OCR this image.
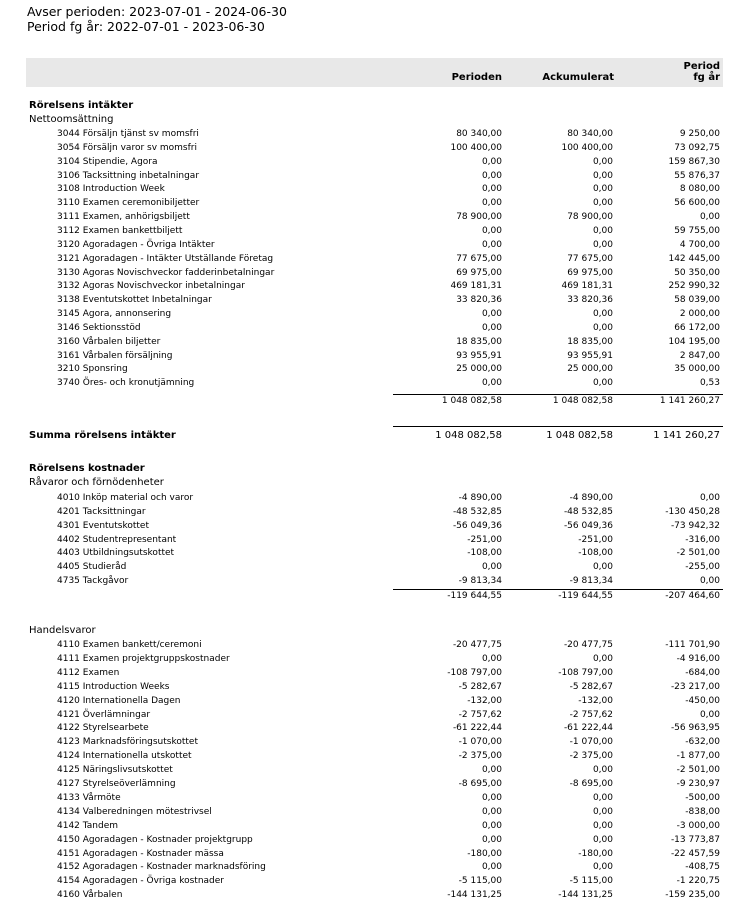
Avser perioden: 2023-07-01 - 2024-06-30
Period fg år: 2022-07-01 - 2023-06-30
Perioden	Ackumulerat
Period
fg år
Rörelsens intäkter
Nettoomsättning
3044 Försäljn tjänst sv momsfri	80 340,00	80 340,00	9 250,00
3054 Försäljn varor sv momsfri	100 400,00	100 400,00	73 092,75
3104 Stipendie, Agora	0,00	0,00	159 867,30
3106 Tacksittning inbetalningar	0,00	0,00	55 876,37
3108 Introduction Week	0,00	0,00	8 080,00
3110 Examen ceremonibiljetter	0,00	0,00	56 600,00
3111 Examen, anhörigsbiljett	78 900,00	78 900,00	0,00
3112 Examen bankettbiljett	0,00	0,00	59 755,00
3120 Agoradagen - Övriga Intäkter	0,00	0,00	4 700,00
3121 Agoradagen - Intäkter Utställande Företag	77 675,00	77 675,00	142 445,00
3130 Agoras Novischveckor fadderinbetalningar	69 975,00	69 975,00	50 350,00
3132 Agoras Novischveckor inbetalningar	469 181,31	469 181,31	252 990,32
3138 Eventutskottet Inbetalningar	33 820,36	33 820,36	58 039,00
3145 Agora, annonsering	0,00	0,00	2 000,00
3146 Sektionsstöd	0,00	0,00	66 172,00
3160 Vårbalen biljetter	18 835,00	18 835,00	104 195,00
3161 Vårbalen försäljning	93 955,91	93 955,91	2 847,00
3210 Sponsring	25 000,00	25 000,00	35 000,00
3740 Öres- och kronutjämning	0,00	0,00	0,53
1 048 082,58	1 048 082,58	1 141 260,27
Summa rörelsens intäkter	1 048 082,58	1 048 082,58	1 141 260,27
Rörelsens kostnader
Råvaror och förnödenheter
4010 Inköp material och varor	-4 890,00	-4 890,00	0,00
4201 Tacksittningar	-48 532,85	-48 532,85	-130 450,28
4301 Eventutskottet	-56 049,36	-56 049,36	-73 942,32
4402 Studentrepresentant	-251,00	-251,00	-316,00
4403 Utbildningsutskottet	-108,00	-108,00	-2 501,00
4405 Studieråd	0,00	0,00	-255,00
4735 Tackgåvor	-9 813,34	-9 813,34	0,00
-119 644,55	-119 644,55	-207 464,60
Handelsvaror
4110 Examen bankett/ceremoni	-20 477,75	-20 477,75	-111 701,90
4111 Examen projektgruppskostnader	0,00	0,00	-4 916,00
4112 Examen	-108 797,00	-108 797,00	-684,00
4115 Introduction Weeks	-5 282,67	-5 282,67	-23 217,00
4120 Internationella Dagen	-132,00	-132,00	-450,00
4121 Överlämningar	-2 757,62	-2 757,62	0,00
4122 Styrelsearbete	-61 222,44	-61 222,44	-56 963,95
4123 Marknadsföringsutskottet	-1 070,00	-1 070,00	-632,00
4124 Internationella utskottet	-2 375,00	-2 375,00	-1 877,00
4125 Näringslivsutskottet	0,00	0,00	-2 501,00
4127 Styrelseöverlämning	-8 695,00	-8 695,00	-9 230,97
4133 Vårmöte	0,00	0,00	-500,00
4134 Valberedningen mötestrivsel	0,00	0,00	-838,00
4142 Tandem	0,00	0,00	-3 000,00
4150 Agoradagen - Kostnader projektgrupp	0,00	0,00	-13 773,87
4151 Agoradagen - Kostnader mässa	-180,00	-180,00	-22 457,59
4152 Agoradagen - Kostnader marknadsföring	0,00	0,00	-408,75
4154 Agoradagen - Övriga kostnader	-5 115,00	-5 115,00	-1 220,75
4160 Vårbalen	-144 131,25	-144 131,25	-159 235,00
